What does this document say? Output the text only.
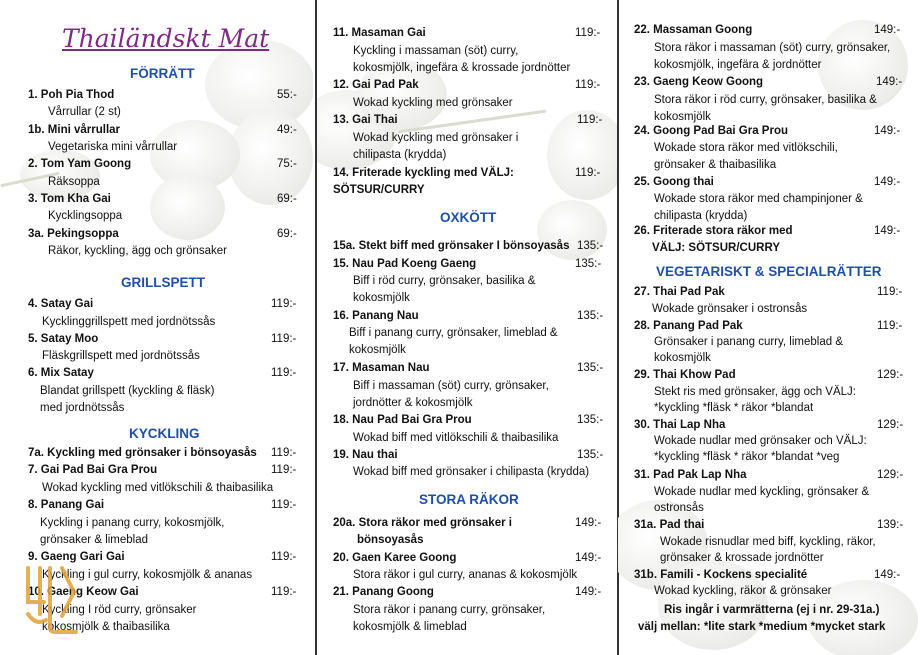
Thailändskt Mat
FÖRRÄTT
1. Poh Pia Thod	55:-
Vårrullar (2 st)
1b. Mini vårrullar	49:-
Vegetariska mini vårrullar
2. Tom Yam Goong	75:-
Räksoppa
3. Tom Kha Gai	69:-
Kycklingsoppa
3a. Pekingsoppa	69:-
Räkor, kyckling, ägg och grönsaker
GRILLSPETT
4. Satay Gai	119:-
Kycklinggrillspett med jordnötssås
5. Satay Moo	119:-
Fläskgrillspett med jordnötssås
6. Mix Satay	119:-
Blandat grillspett (kyckling & fläsk)
med jordnötssås
KYCKLING
7a. Kyckling med grönsaker i bönsoyasås 119:-
7. Gai Pad Bai Gra Prou	119:-
Wokad kyckling med vitlökschili & thaibasilika
8. Panang Gai	119:-
Kyckling i panang curry, kokosmjölk,
grönsaker & limeblad
9. Gaeng Gari Gai	119:-
Kyckling i gul curry, kokosmjölk & ananas
10. Gaeng Keow Gai	119:-
Kyckling I röd curry, grönsaker
kokosmjölk & thaibasilika
11. Masaman Gai	119:-
Kyckling i massaman (söt) curry,
kokosmjölk, ingefära & krossade jordnötter
12. Gai Pad Pak	119:-
Wokad kyckling med grönsaker
13. Gai Thai	119:-
Wokad kyckling med grönsaker i
chilipasta (krydda)
14. Friterade kyckling med VÄLJ:	119:-
SÖTSUR/CURRY
OXKÖTT
15a. Stekt biff med grönsaker I bönsoyasås 135:-
15. Nau Pad Koeng Gaeng	135:-
Biff i röd curry, grönsaker, basilika &
kokosmjölk
16. Panang Nau	135:-
Biff i panang curry, grönsaker, limeblad &
kokosmjölk
17. Masaman Nau	135:-
Biff i massaman (söt) curry, grönsaker,
jordnötter & kokosmjölk
18. Nau Pad Bai Gra Prou	135:-
Wokad biff med vitlökschili & thaibasilika
19. Nau thai	135:-
Wokad biff med grönsaker i chilipasta (krydda)
STORA RÄKOR
20a. Stora räkor med grönsaker i	149:-
bönsoyasås
20. Gaen Karee Goong	149:-
Stora räkor i gul curry, ananas & kokosmjölk
21. Panang Goong	149:-
Stora räkor i panang curry, grönsaker,
kokosmjölk & limeblad
22. Massaman Goong	149:-
Stora räkor i massaman (söt) curry, grönsaker,
kokosmjölk, ingefära & jordnötter
23. Gaeng Keow Goong	149:-
Stora räkor i röd curry, grönsaker, basilika &
kokosmjölk
24. Goong Pad Bai Gra Prou	149:-
Wokade stora räkor med vitlökschili,
grönsaker & thaibasilika
25. Goong thai	149:-
Wokade stora räkor med champinjoner &
chilipasta (krydda)
26. Friterade stora räkor med	149:-
VÄLJ: SÖTSUR/CURRY
VEGETARISKT & SPECIALRÄTTER
27. Thai Pad Pak	119:-
Wokade grönsaker i ostronsås
28. Panang Pad Pak	119:-
Grönsaker i panang curry, limeblad &
kokosmjölk
29. Thai Khow Pad	129:-
Stekt ris med grönsaker, ägg och VÄLJ:
*kyckling *fläsk * räkor *blandat
30. Thai Lap Nha	129:-
Wokade nudlar med grönsaker och VÄLJ:
*kyckling *fläsk * räkor *blandat *veg
31. Pad Pak Lap Nha	129:-
Wokade nudlar med kyckling, grönsaker &
ostronsås
31a. Pad thai	139:-
Wokade risnudlar med biff, kyckling, räkor,
grönsaker & krossade jordnötter
31b. Famili - Kockens specialité	149:-
Wokad kyckling, räkor & grönsaker
Ris ingår i varmrätterna (ej i nr. 29-31a.)
välj mellan: *lite stark *medium *mycket stark
